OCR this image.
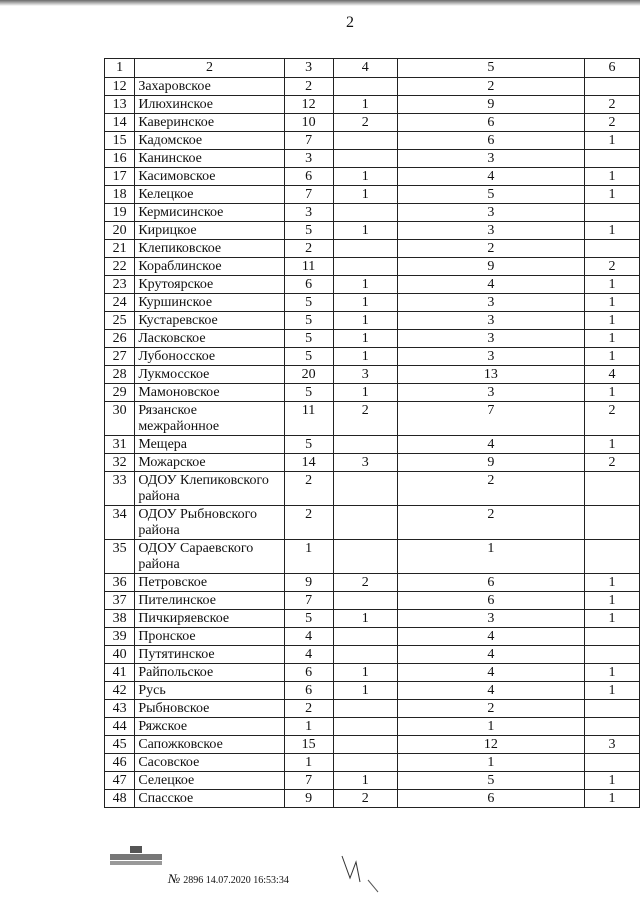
2
1	2	3	4	5	6
12	Захаровское	2		2	
13	Илюхинское	12	1	9	2
14	Каверинское	10	2	6	2
15	Кадомское	7		6	1
16	Канинское	3		3	
17	Касимовское	6	1	4	1
18	Келецкое	7	1	5	1
19	Кермисинское	3		3	
20	Кирицкое	5	1	3	1
21	Клепиковское	2		2	
22	Кораблинское	11		9	2
23	Крутоярское	6	1	4	1
24	Куршинское	5	1	3	1
25	Кустаревское	5	1	3	1
26	Ласковское	5	1	3	1
27	Лубоносское	5	1	3	1
28	Лукмосское	20	3	13	4
29	Мамоновское	5	1	3	1
30	Рязанское межрайонное	11	2	7	2
31	Мещера	5		4	1
32	Можарское	14	3	9	2
33	ОДОУ Клепиковского района	2		2	
34	ОДОУ Рыбновского района	2		2	
35	ОДОУ Сараевского района	1		1	
36	Петровское	9	2	6	1
37	Пителинское	7		6	1
38	Пичкиряевское	5	1	3	1
39	Пронское	4		4	
40	Путятинское	4		4	
41	Райпольское	6	1	4	1
42	Русь	6	1	4	1
43	Рыбновское	2		2	
44	Ряжское	1		1	
45	Сапожковское	15		12	3
46	Сасовское	1		1	
47	Селецкое	7	1	5	1
48	Спасское	9	2	6	1
№ 2896 14.07.2020 16:53:34
